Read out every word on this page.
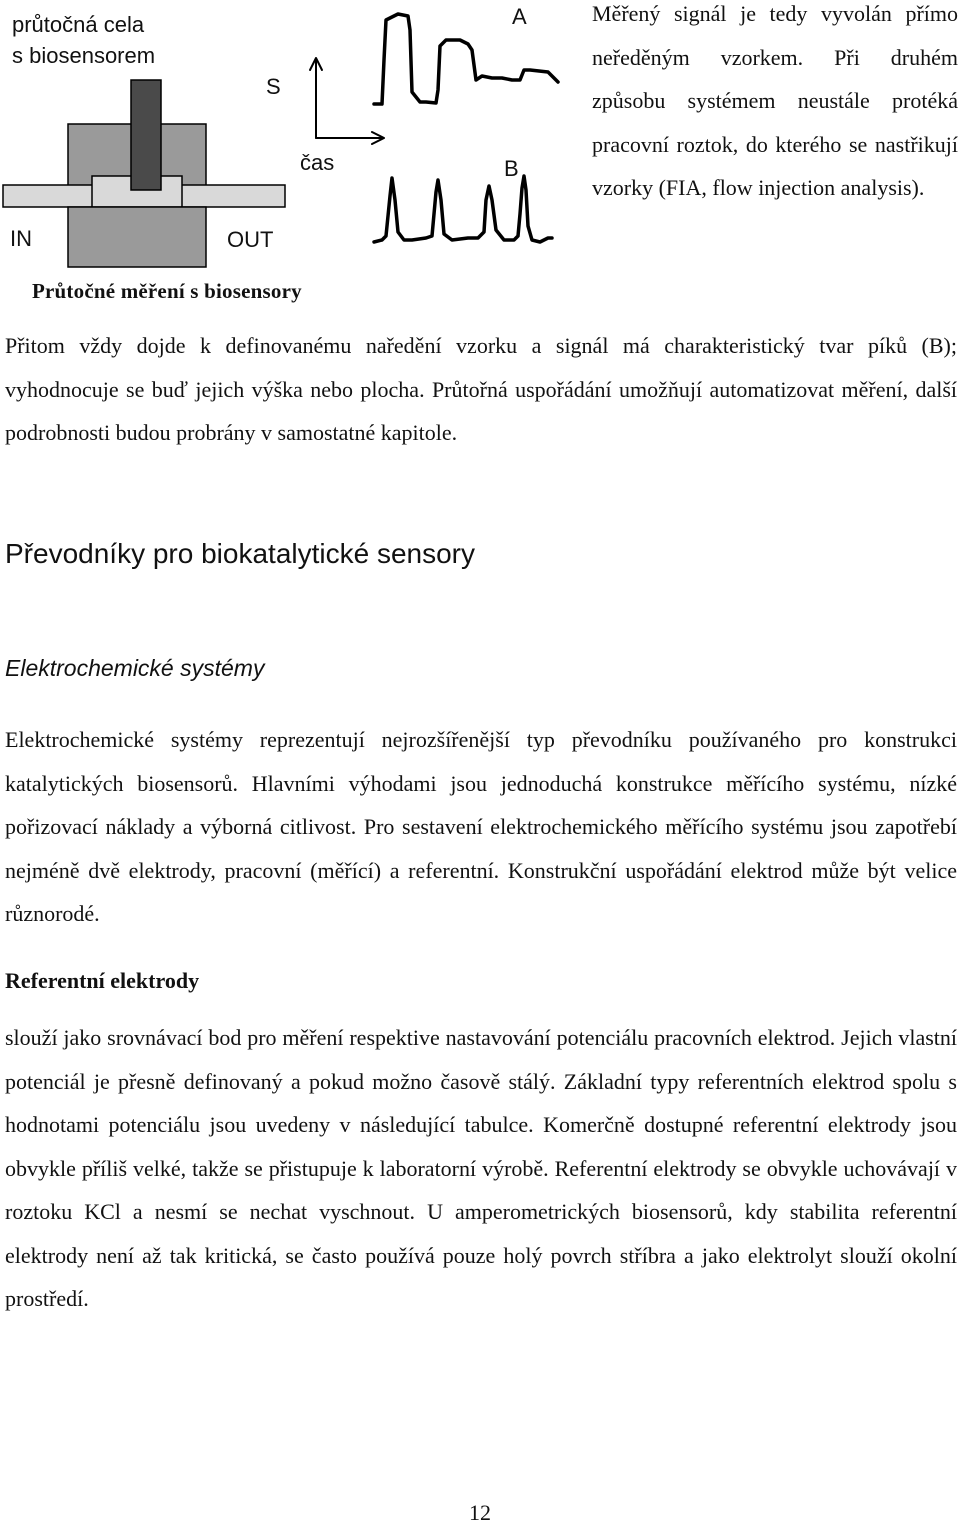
průtočná cela
s biosensorem
IN	OUT
S
čas
A
B
Měřený signál je tedy vyvolán přímo neředěným vzorkem. Při druhém způsobu systémem neustále protéká pracovní roztok, do kterého se nastřikují vzorky (FIA, flow injection analysis).
Průtočné měření s biosensory
Přitom vždy dojde k definovanému naředění vzorku a signál má charakteristický tvar píků (B); vyhodnocuje se buď jejich výška nebo plocha. Průtořná uspořádání umožňují automatizovat měření, další podrobnosti budou probrány v samostatné kapitole.
Převodníky pro biokatalytické sensory
Elektrochemické systémy
Elektrochemické systémy reprezentují nejrozšířenější typ převodníku používaného pro konstrukci katalytických biosensorů. Hlavními výhodami jsou jednoduchá konstrukce měřícího systému, nízké pořizovací náklady a výborná citlivost. Pro sestavení elektrochemického měřícího systému jsou zapotřebí nejméně dvě elektrody, pracovní (měřící) a referentní. Konstrukční uspořádání elektrod může být velice různorodé.
Referentní elektrody
slouží jako srovnávací bod pro měření respektive nastavování potenciálu pracovních elektrod. Jejich vlastní potenciál je přesně definovaný a pokud možno časově stálý. Základní typy referentních elektrod spolu s hodnotami potenciálu jsou uvedeny v následující tabulce. Komerčně dostupné referentní elektrody jsou obvykle příliš velké, takže se přistupuje k laboratorní výrobě. Referentní elektrody se obvykle uchovávají v roztoku KCl a nesmí se nechat vyschnout. U amperometrických biosensorů, kdy stabilita referentní elektrody není až tak kritická, se často používá pouze holý povrch stříbra a jako elektrolyt slouží okolní prostředí.
12
